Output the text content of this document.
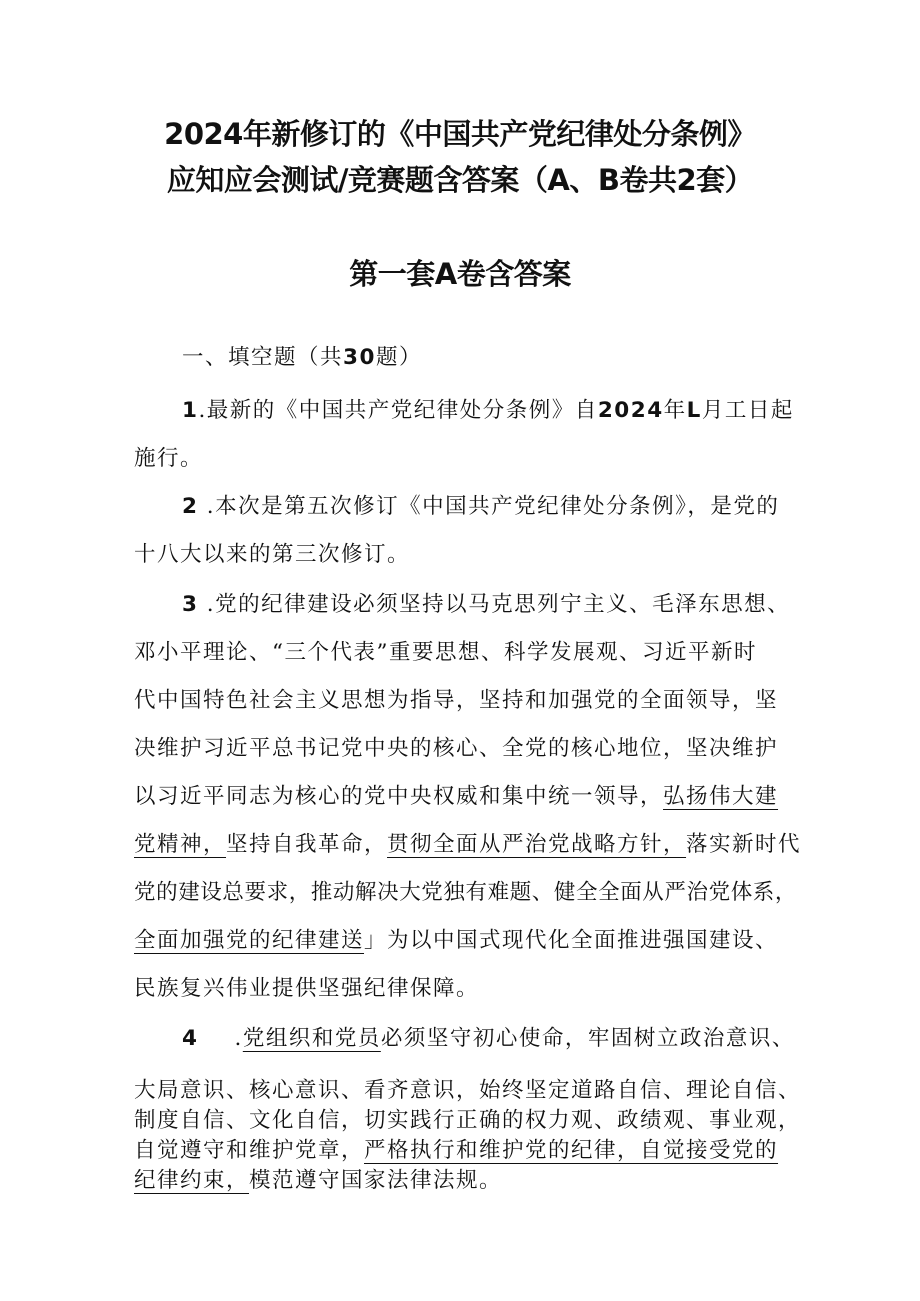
2024年新修订的《中国共产党纪律处分条例》
应知应会测试/竞赛题含答案（A、B卷共2套）
第一套A卷含答案
一、填空题（共30题）
1.最新的《中国共产党纪律处分条例》自2024年L月工日起
施行。
2 .本次是第五次修订《中国共产党纪律处分条例》，是党的
十八大以来的第三次修订。
3 .党的纪律建设必须坚持以马克思列宁主义、毛泽东思想、
邓小平理论、“三个代表”重要思想、科学发展观、习近平新时
代中国特色社会主义思想为指导，坚持和加强党的全面领导，坚
决维护习近平总书记党中央的核心、全党的核心地位，坚决维护
以习近平同志为核心的党中央权威和集中统一领导，弘扬伟大建
党精神，坚持自我革命，贯彻全面从严治党战略方针，落实新时代
党的建设总要求，推动解决大党独有难题、健全全面从严治党体系，
全面加强党的纪律建送」为以中国式现代化全面推进强国建设、
民族复兴伟业提供坚强纪律保障。
4 .党组织和党员必须坚守初心使命，牢固树立政治意识、
大局意识、核心意识、看齐意识，始终坚定道路自信、理论自信、
制度自信、文化自信，切实践行正确的权力观、政绩观、事业观，
自觉遵守和维护党章，严格执行和维护党的纪律，自觉接受党的
纪律约束，模范遵守国家法律法规。
